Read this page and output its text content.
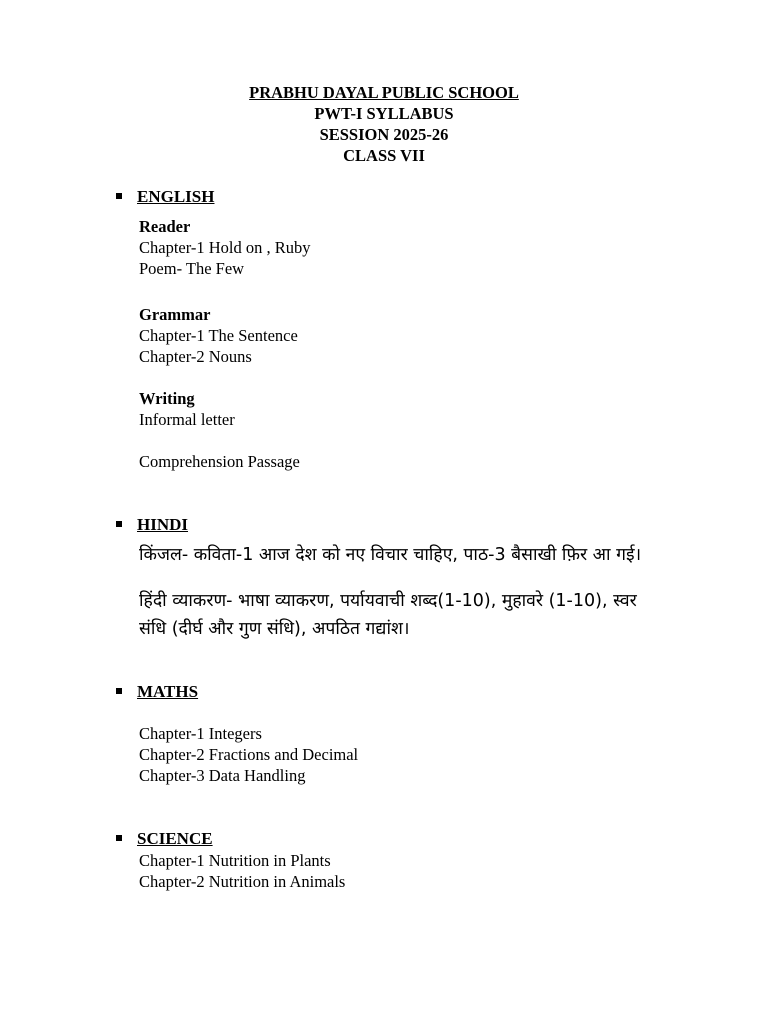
PRABHU DAYAL PUBLIC SCHOOL
PWT-I SYLLABUS
SESSION 2025-26
CLASS VII
ENGLISH
Reader
Chapter-1 Hold on , Ruby
Poem- The Few
Grammar
Chapter-1 The Sentence
Chapter-2 Nouns
Writing
Informal letter
Comprehension Passage
HINDI
किंजल- कविता-1 आज देश को नए विचार चाहिए, पाठ-3 बैसाखी फ़िर आ गई।
हिंदी व्याकरण- भाषा व्याकरण, पर्यायवाची शब्द(1-10), मुहावरे (1-10), स्वर
संधि (दीर्घ और गुण संधि), अपठित गद्यांश।
MATHS
Chapter-1 Integers
Chapter-2 Fractions and Decimal
Chapter-3 Data Handling
SCIENCE
Chapter-1 Nutrition in Plants
Chapter-2 Nutrition in Animals
